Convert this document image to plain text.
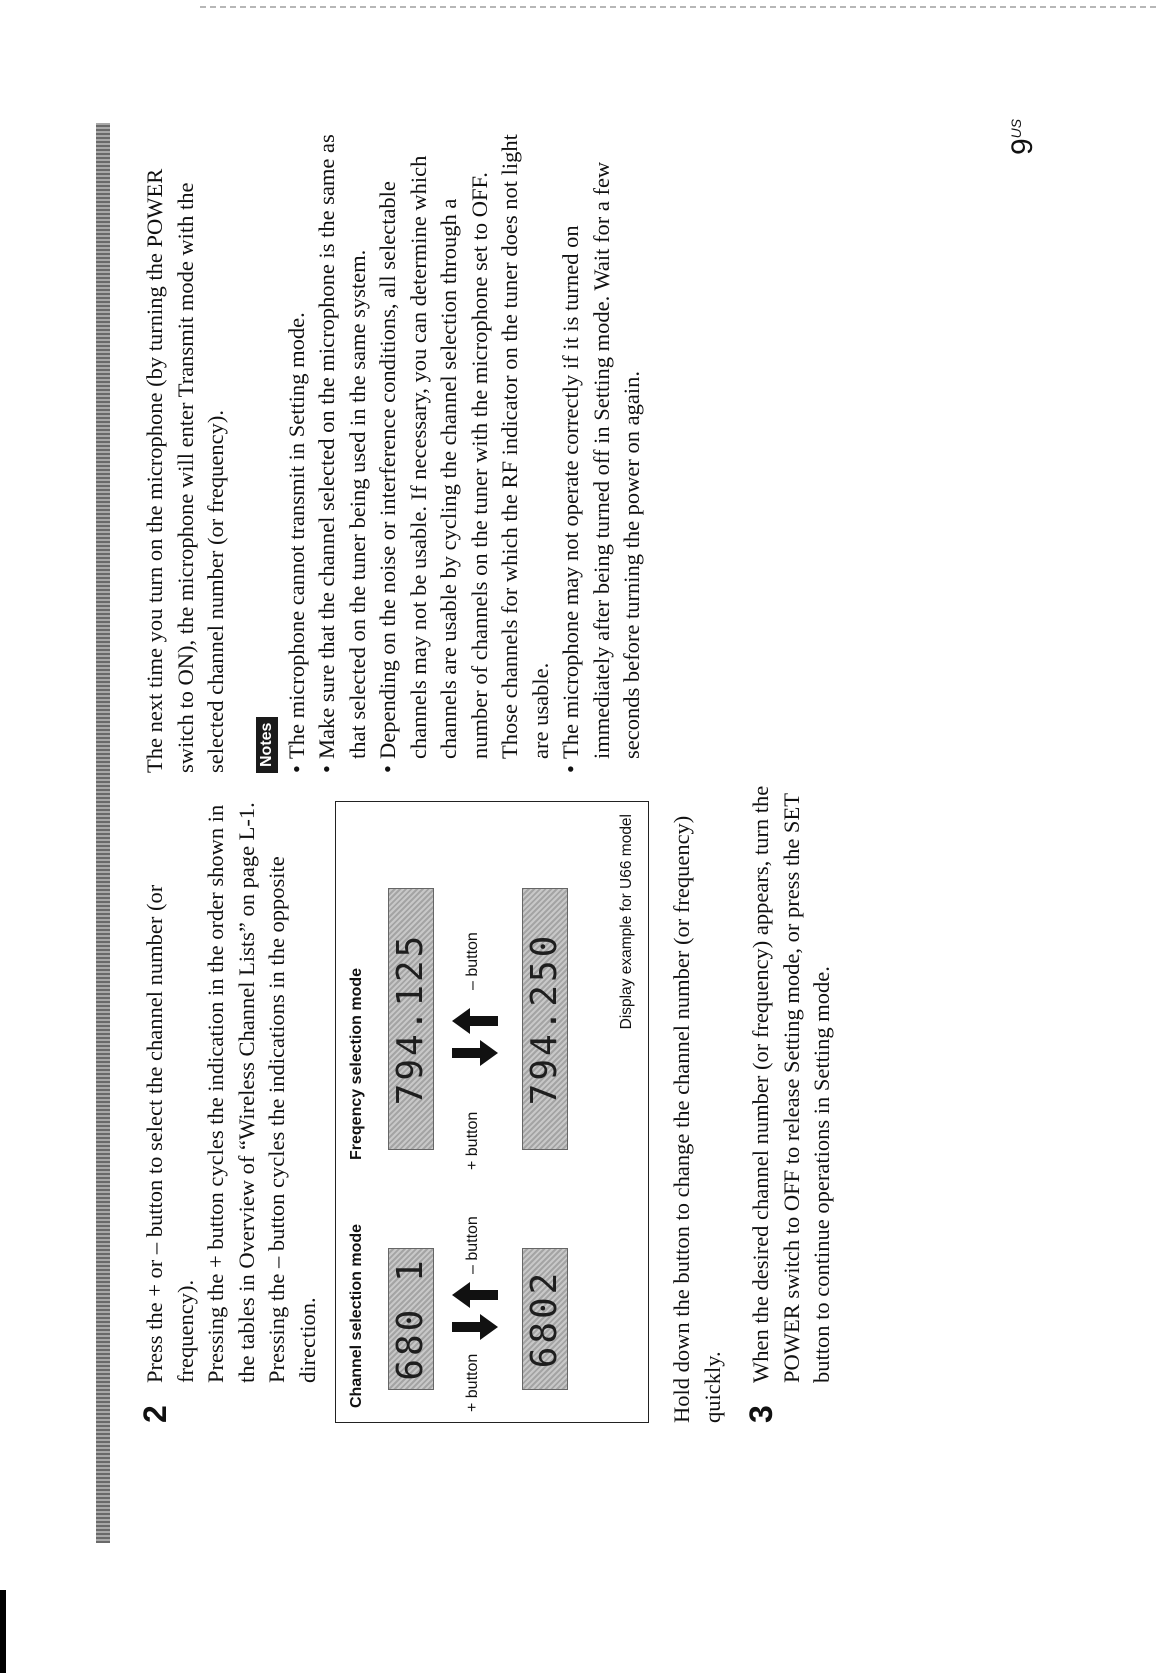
2

Press the + or – button to select the channel number (or frequency). Pressing the + button cycles the indication in the order shown in the tables in Overview of “Wireless Channel Lists” on page L-1. Pressing the – button cycles the indications in the opposite direction. Channel selection mode
Freqency selection mode
680 1	6802
794.125	794.250
+ button
– button
+ button
– button	Display example for U66 model Hold down the button to change the channel number (or frequency) quickly. 3

When the desired channel number (or frequency) appears, turn the POWER switch to OFF to release Setting mode, or press the SET button to continue operations in Setting mode.

The next time you turn on the microphone (by turning the POWER switch to ON), the microphone will enter Transmit mode with the selected channel number (or frequency). Notes
•
The microphone cannot transmit in Setting mode.
•
Make sure that the channel selected on the microphone is the same as that selected on the tuner being used in the same system.
•
Depending on the noise or interference conditions, all selectable channels may not be usable. If necessary, you can determine which channels are usable by cycling the channel selection through a number of channels on the tuner with the microphone set to OFF. Those channels for which the RF indicator on the tuner does not light are usable.
•
The microphone may not operate correctly if it is turned on immediately after being turned off in Setting mode. Wait for a few seconds before turning the power on again.
$9^{US}$
